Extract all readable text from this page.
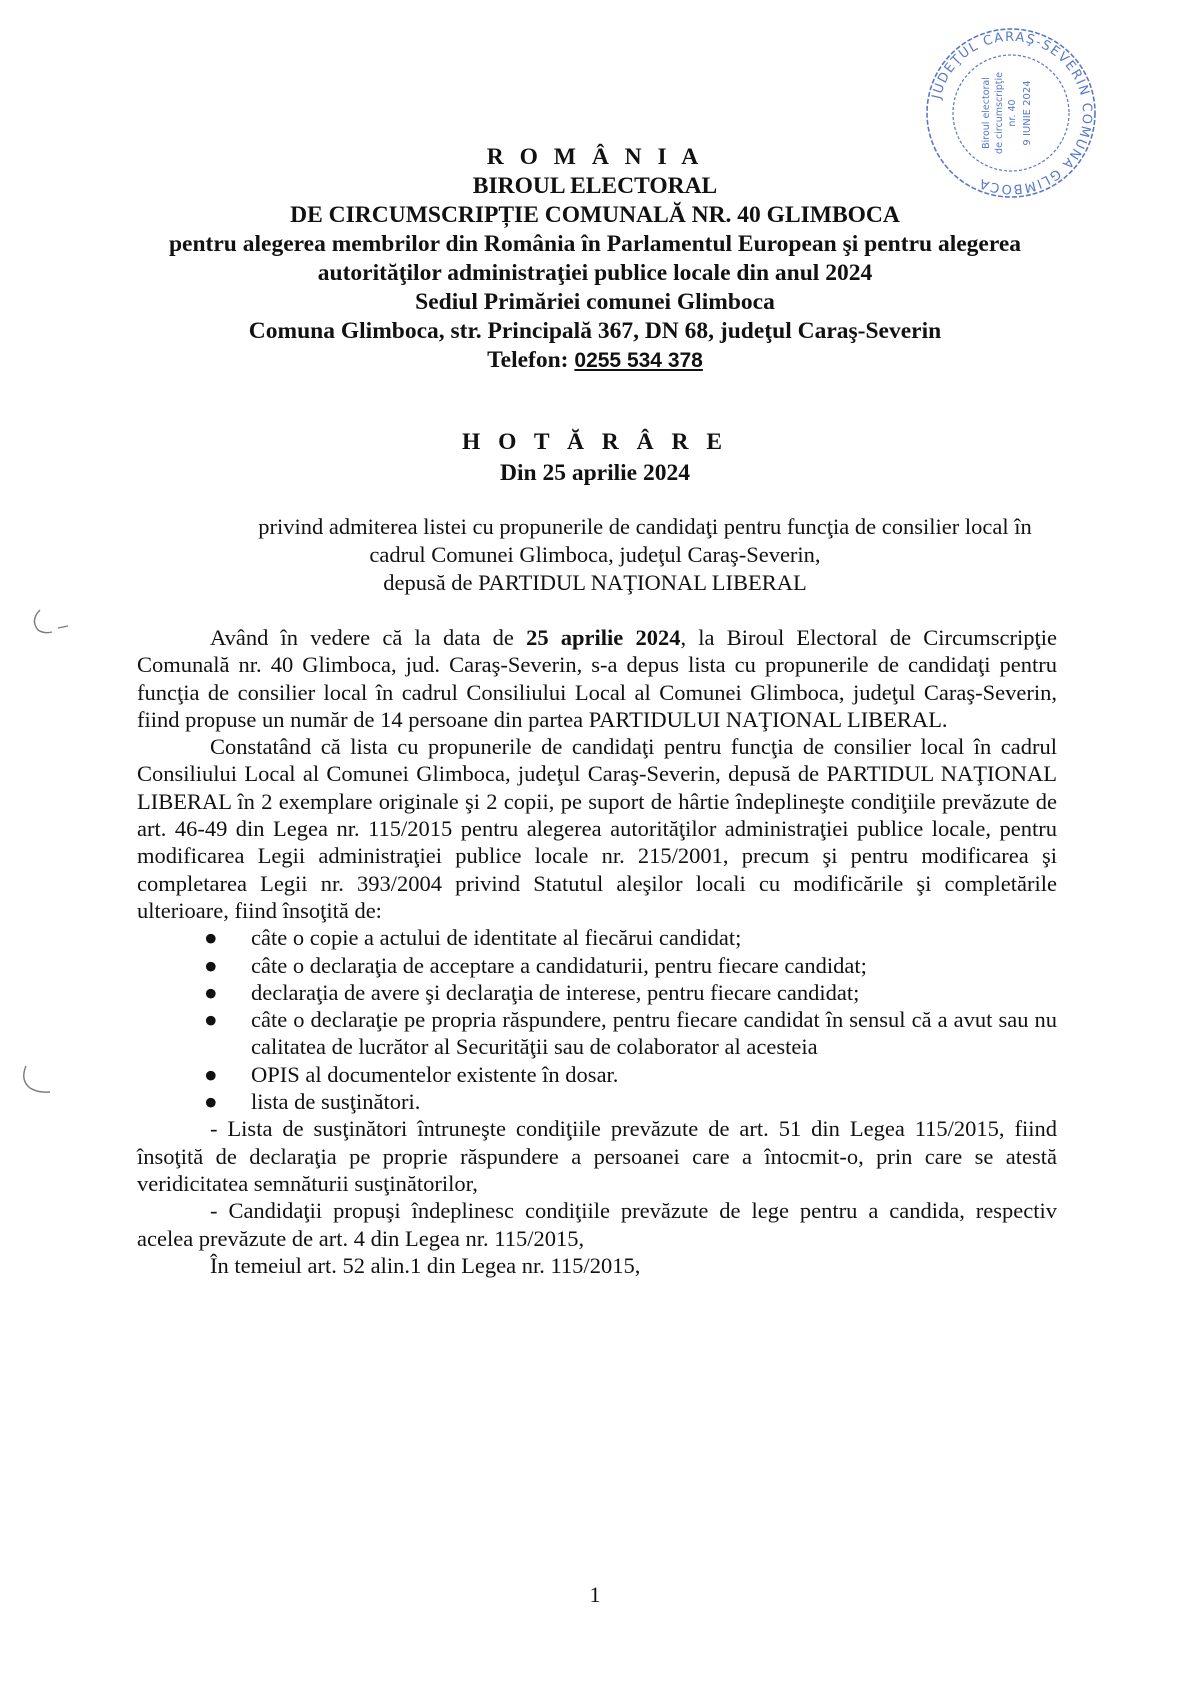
JUDEŢUL CARAŞ-SEVERIN COMUNA GLIMBOCA
Biroul electoral de circumscripţie nr. 40 9 IUNIE 2024
R O M Â N I A
BIROUL ELECTORAL
DE CIRCUMSCRIPȚIE COMUNALĂ NR. 40 GLIMBOCA
pentru alegerea membrilor din România în Parlamentul European şi pentru alegerea
autorităţilor administraţiei publice locale din anul 2024
Sediul Primăriei comunei Glimboca
Comuna Glimboca, str. Principală 367, DN 68, judeţul Caraş-Severin
Telefon: 0255 534 378
H O T Ă R Â R E
Din 25 aprilie 2024
privind admiterea listei cu propunerile de candidaţi pentru funcţia de consilier local în
cadrul Comunei Glimboca, judeţul Caraş-Severin,
depusă de PARTIDUL NAŢIONAL LIBERAL

Având în vedere că la data de 25 aprilie 2024, la Biroul Electoral de Circumscripţie Comunală nr. 40 Glimboca, jud. Caraş-Severin, s-a depus lista cu propunerile de candidaţi pentru funcţia de consilier local în cadrul Consiliului Local al Comunei Glimboca, judeţul Caraş-Severin, fiind propuse un număr de 14 persoane din partea PARTIDULUI NAŢIONAL LIBERAL.

Constatând că lista cu propunerile de candidaţi pentru funcţia de consilier local în cadrul Consiliului Local al Comunei Glimboca, judeţul Caraş-Severin, depusă de PARTIDUL NAŢIONAL LIBERAL în 2 exemplare originale şi 2 copii, pe suport de hârtie îndeplineşte condiţiile prevăzute de art. 46-49 din Legea nr. 115/2015 pentru alegerea autorităţilor administraţiei publice locale, pentru modificarea Legii administraţiei publice locale nr. 215/2001, precum şi pentru modificarea şi completarea Legii nr. 393/2004 privind Statutul aleşilor locali cu modificările şi completările ulterioare, fiind însoţită de:

● câte o copie a actului de identitate al fiecărui candidat;
● câte o declaraţia de acceptare a candidaturii, pentru fiecare candidat;
● declaraţia de avere şi declaraţia de interese, pentru fiecare candidat;
● câte o declaraţie pe propria răspundere, pentru fiecare candidat în sensul că a avut sau nu calitatea de lucrător al Securităţii sau de colaborator al acesteia
● OPIS al documentelor existente în dosar.
● lista de susţinători.

- Lista de susţinători întruneşte condiţiile prevăzute de art. 51 din Legea 115/2015, fiind însoţită de declaraţia pe proprie răspundere a persoanei care a întocmit-o, prin care se atestă veridicitatea semnăturii susţinătorilor,

- Candidaţii propuşi îndeplinesc condiţiile prevăzute de lege pentru a candida, respectiv acelea prevăzute de art. 4 din Legea nr. 115/2015,

În temeiul art. 52 alin.1 din Legea nr. 115/2015,

1
